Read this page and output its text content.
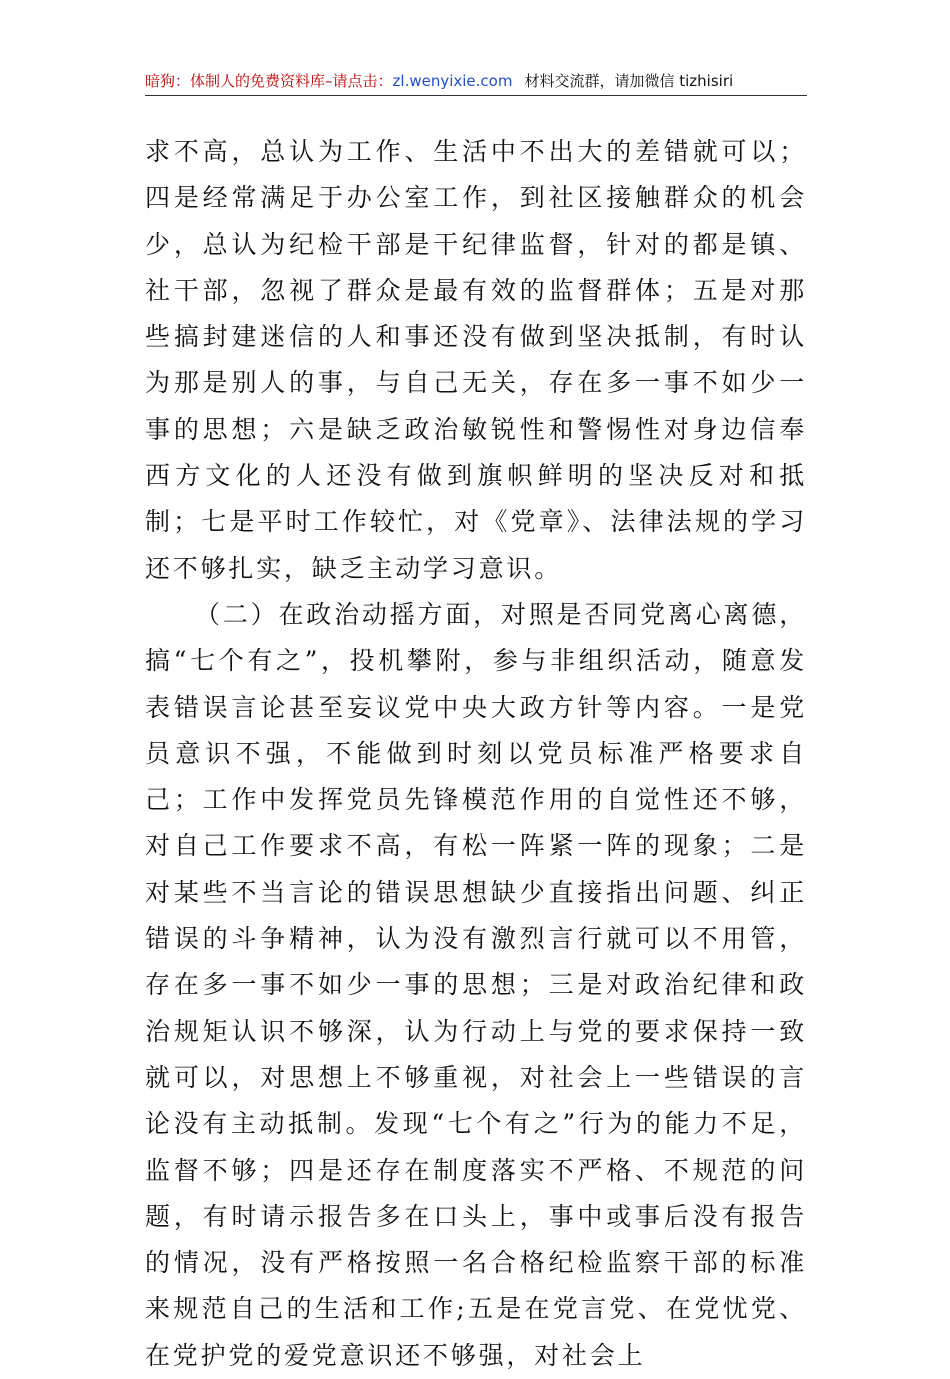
暗狗：体制人的免费资料库–请点击：zl.wenyixie.com 材料交流群，请加微信 tizhisiri

求不高，总认为工作、生活中不出大的差错就可以；四是经常满足于办公室工作，到社区接触群众的机会少，总认为纪检干部是干纪律监督，针对的都是镇、社干部，忽视了群众是最有效的监督群体；五是对那些搞封建迷信的人和事还没有做到坚决抵制，有时认为那是别人的事，与自己无关，存在多一事不如少一事的思想；六是缺乏政治敏锐性和警惕性对身边信奉西方文化的人还没有做到旗帜鲜明的坚决反对和抵制；七是平时工作较忙，对《党章》、法律法规的学习还不够扎实，缺乏主动学习意识。

（二）在政治动摇方面，对照是否同党离心离德，搞“七个有之”，投机攀附，参与非组织活动，随意发表错误言论甚至妄议党中央大政方针等内容。一是党员意识不强，不能做到时刻以党员标准严格要求自己；工作中发挥党员先锋模范作用的自觉性还不够，对自己工作要求不高，有松一阵紧一阵的现象；二是对某些不当言论的错误思想缺少直接指出问题、纠正错误的斗争精神，认为没有激烈言行就可以不用管，存在多一事不如少一事的思想；三是对政治纪律和政治规矩认识不够深，认为行动上与党的要求保持一致就可以，对思想上不够重视，对社会上一些错误的言论没有主动抵制。发现“七个有之”行为的能力不足，监督不够；四是还存在制度落实不严格、不规范的问题，有时请示报告多在口头上，事中或事后没有报告的情况，没有严格按照一名合格纪检监察干部的标准来规范自己的生活和工作;五是在党言党、在党忧党、在党护党的爱党意识还不够强，对社会上
